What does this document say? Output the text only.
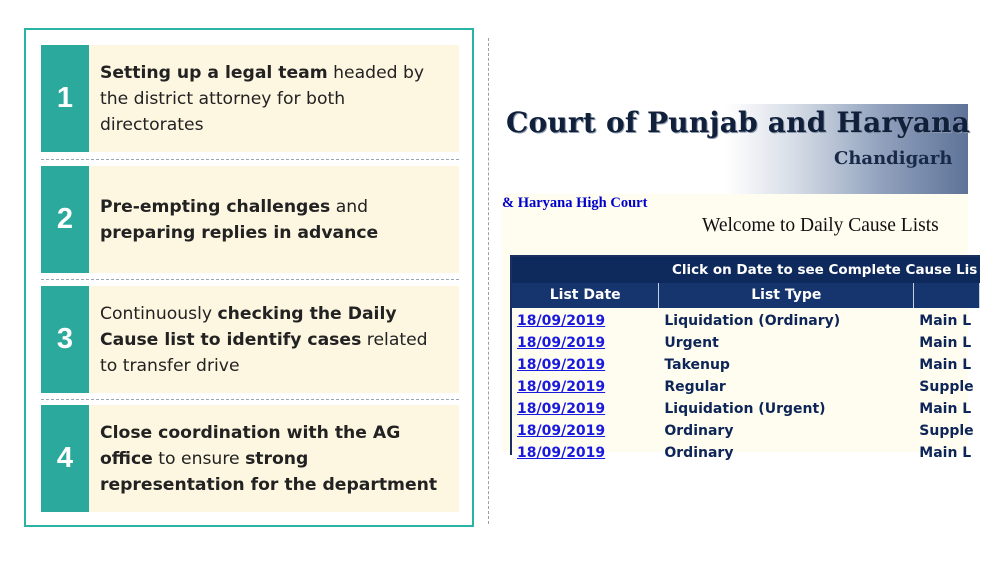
1
Setting up a legal team headed by the district attorney for both directorates
2	Pre-empting challenges and preparing replies in advance
3
Continuously checking the Daily Cause list to identify cases related to transfer drive
4
Close coordination with the AG office to ensure strong representation for the department
Court of Punjab and Haryana
Chandigarh
& Haryana High Court
Welcome to Daily Cause Lists
Click on Date to see Complete Cause Lis
List Date	List Type
18/09/2019	Liquidation (Ordinary)	Main L
18/09/2019	Urgent	Main L
18/09/2019	Takenup	Main L
18/09/2019	Regular	Supple
18/09/2019	Liquidation (Urgent)	Main L
18/09/2019	Ordinary	Supple
18/09/2019	Ordinary	Main L
